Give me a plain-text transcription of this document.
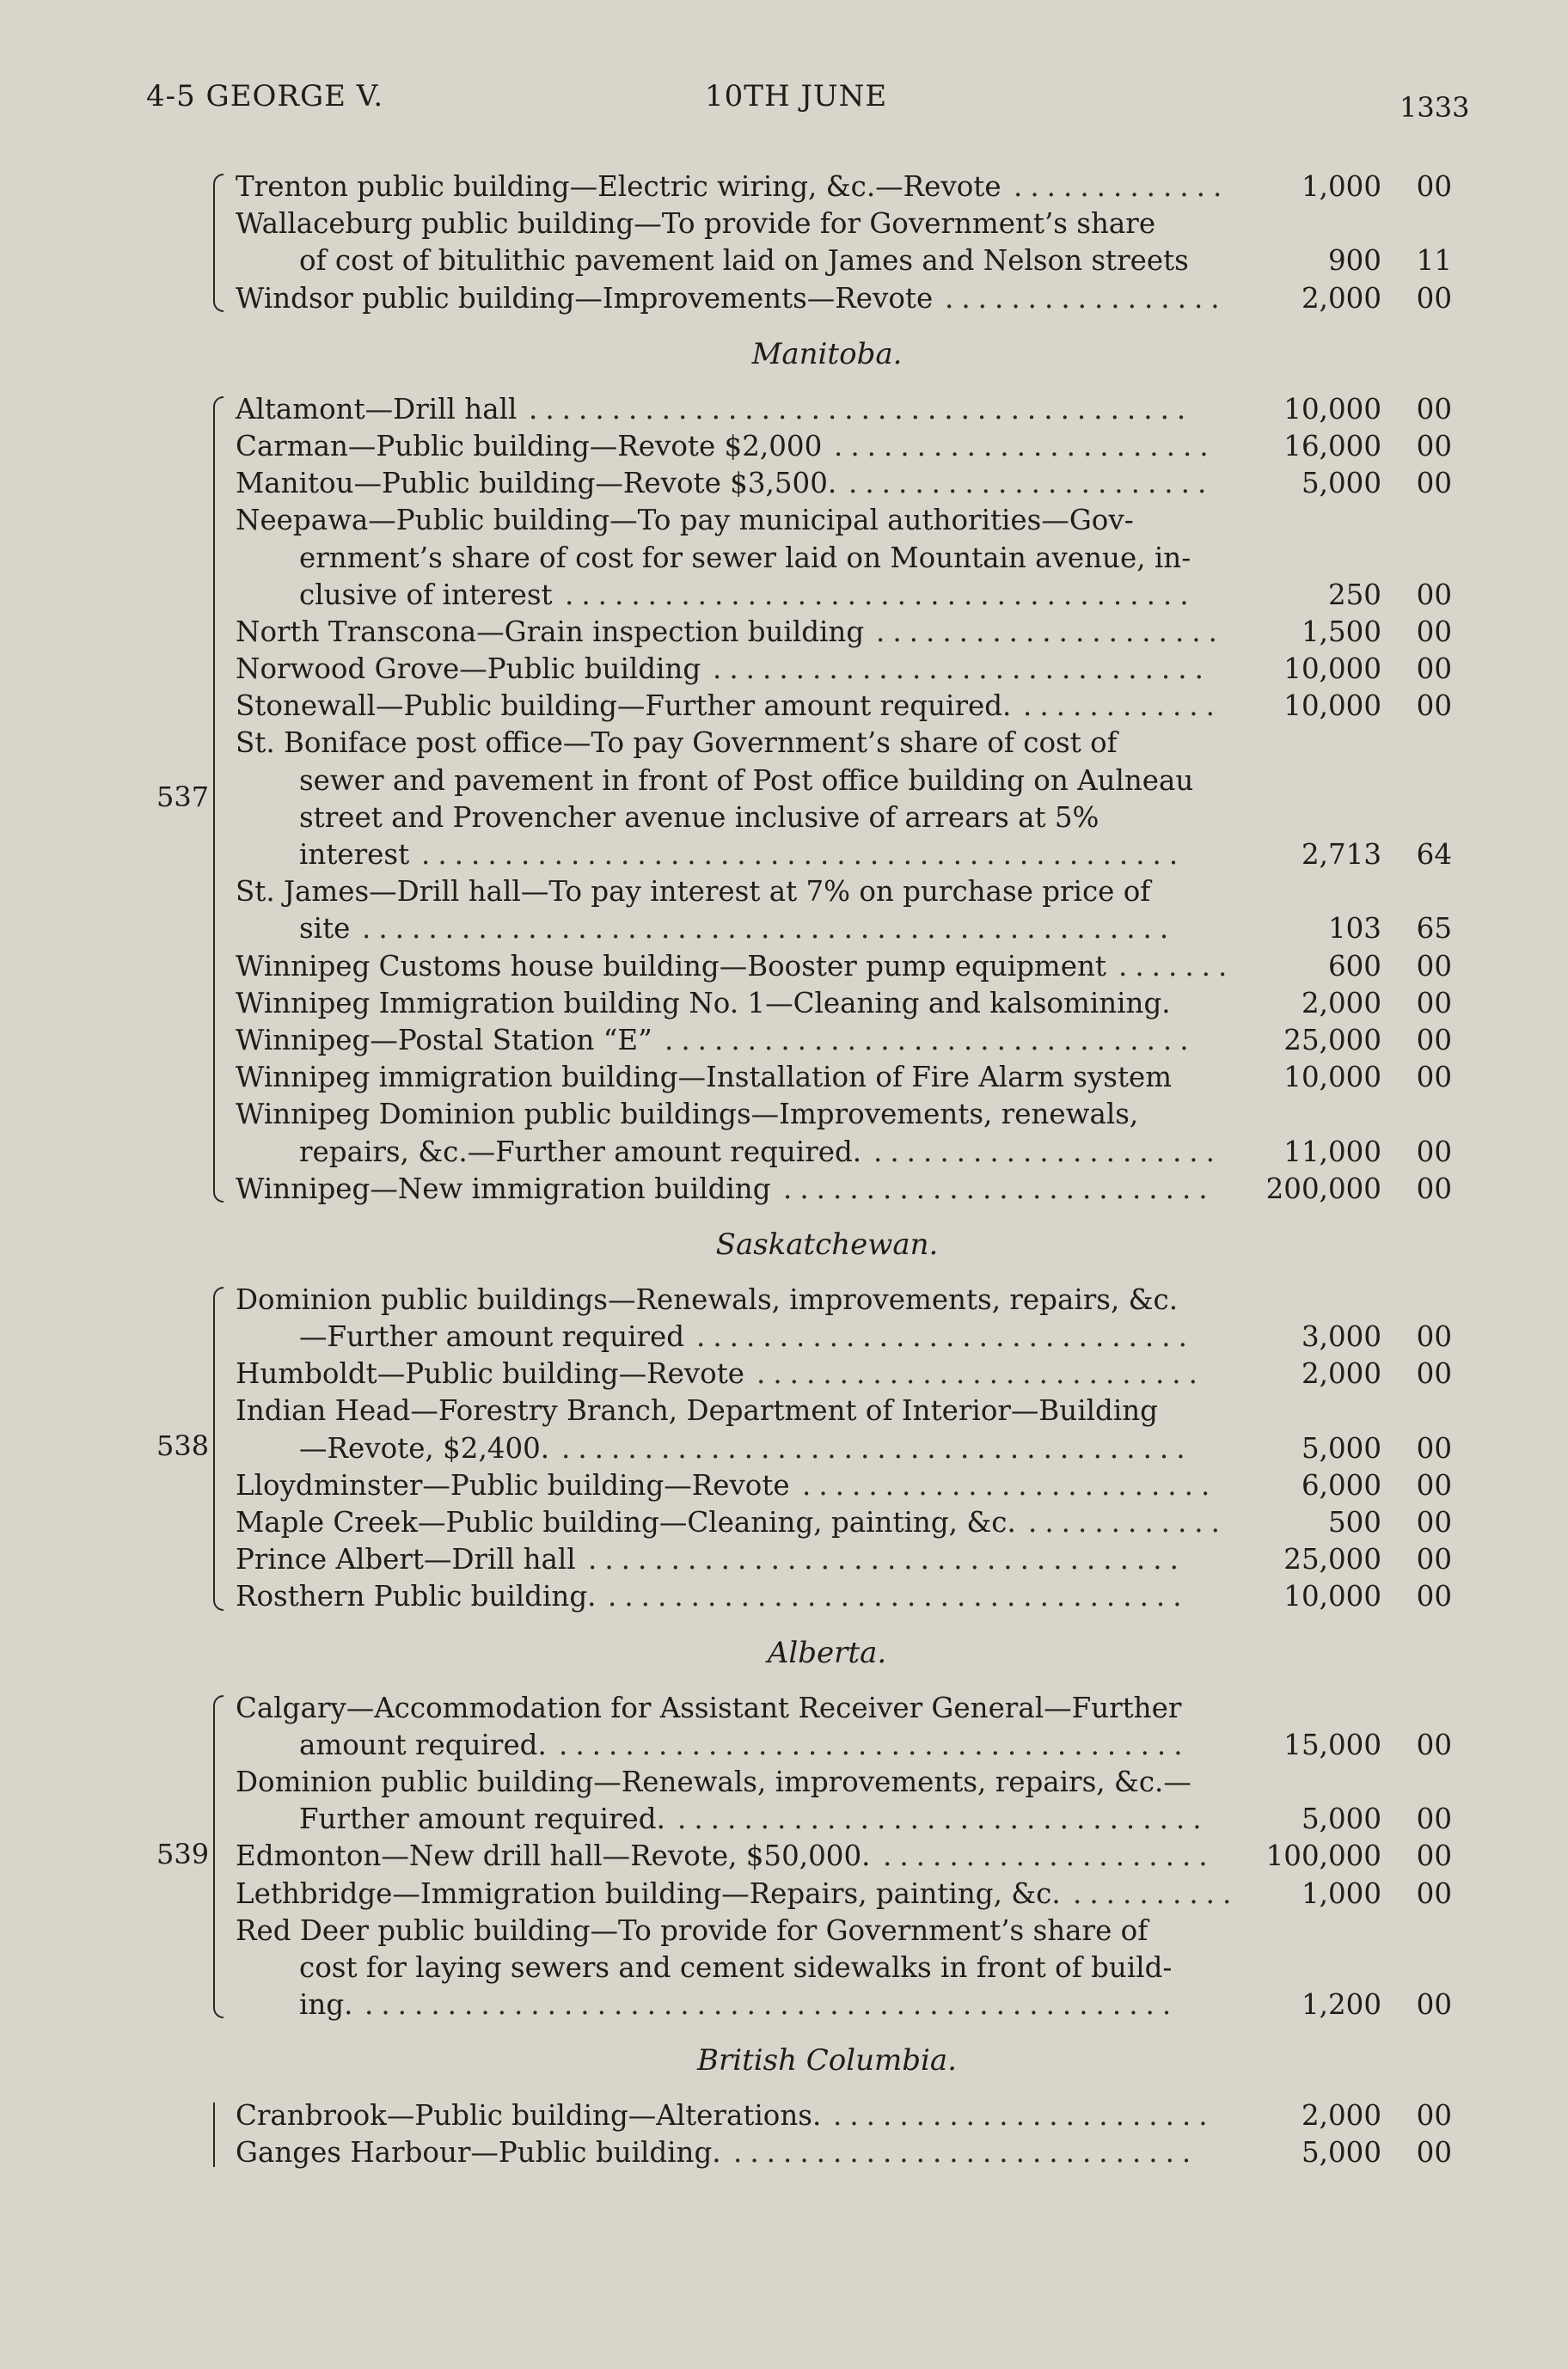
4-5 GEORGE V.	10TH JUNE	1333
Trenton public building—Electric wiring, &c.—Revote	1,000 00
.............
Wallaceburg public building—To provide for Government’s share
of cost of bitulithic pavement laid on James and Nelson streets	900 11
Windsor public building—Improvements—Revote	2,000 00
.................
Manitoba.
537
Altamont—Drill hall	10,000 00
........................................
Carman—Public building—Revote $2,000	16,000 00
.......................
Manitou—Public building—Revote $3,500.	5,000 00
......................
Neepawa—Public building—To pay municipal authorities—Gov-
ernment’s share of cost for sewer laid on Mountain avenue, in-
clusive of interest	250 00
......................................
North Transcona—Grain inspection building	1,500 00
.....................
Norwood Grove—Public building	10,000 00
..............................
Stonewall—Public building—Further amount required.	10,000 00
............
St. Boniface post office—To pay Government’s share of cost of
sewer and pavement in front of Post office building on Aulneau
street and Provencher avenue inclusive of arrears at 5%
interest	2,713 64
..............................................
St. James—Drill hall—To pay interest at 7% on purchase price of
site	103 65
.................................................
Winnipeg Customs house building—Booster pump equipment	600 00
.......
Winnipeg Immigration building No. 1—Cleaning and kalsomining.	2,000 00
Winnipeg—Postal Station “E”	25,000 00
................................
Winnipeg immigration building—Installation of Fire Alarm system	10,000 00
Winnipeg Dominion public buildings—Improvements, renewals,
repairs, &c.—Further amount required.	11,000 00
.....................
Winnipeg—New immigration building	200,000 00
..........................
Saskatchewan.
538
Dominion public buildings—Renewals, improvements, repairs, &c.
—Further amount required	3,000 00
..............................
Humboldt—Public building—Revote	2,000 00
...........................
Indian Head—Forestry Branch, Department of Interior—Building
—Revote, $2,400.	5,000 00
......................................
Lloydminster—Public building—Revote	6,000 00
.........................
Maple Creek—Public building—Cleaning, painting, &c.	500 00
............
Prince Albert—Drill hall	25,000 00
....................................
Rosthern Public building.	10,000 00
...................................
Alberta.
539
Calgary—Accommodation for Assistant Receiver General—Further
amount required.	15,000 00
......................................
Dominion public building—Renewals, improvements, repairs, &c.—
Further amount required.	5,000 00
................................
Edmonton—New drill hall—Revote, $50,000.	100,000 00
....................
Lethbridge—Immigration building—Repairs, painting, &c.	1,000 00
..........
Red Deer public building—To provide for Government’s share of
cost for laying sewers and cement sidewalks in front of build-
ing.	1,200 00
.................................................
British Columbia.
Cranbrook—Public building—Alterations.	2,000 00
.......................
Ganges Harbour—Public building.	5,000 00
............................
